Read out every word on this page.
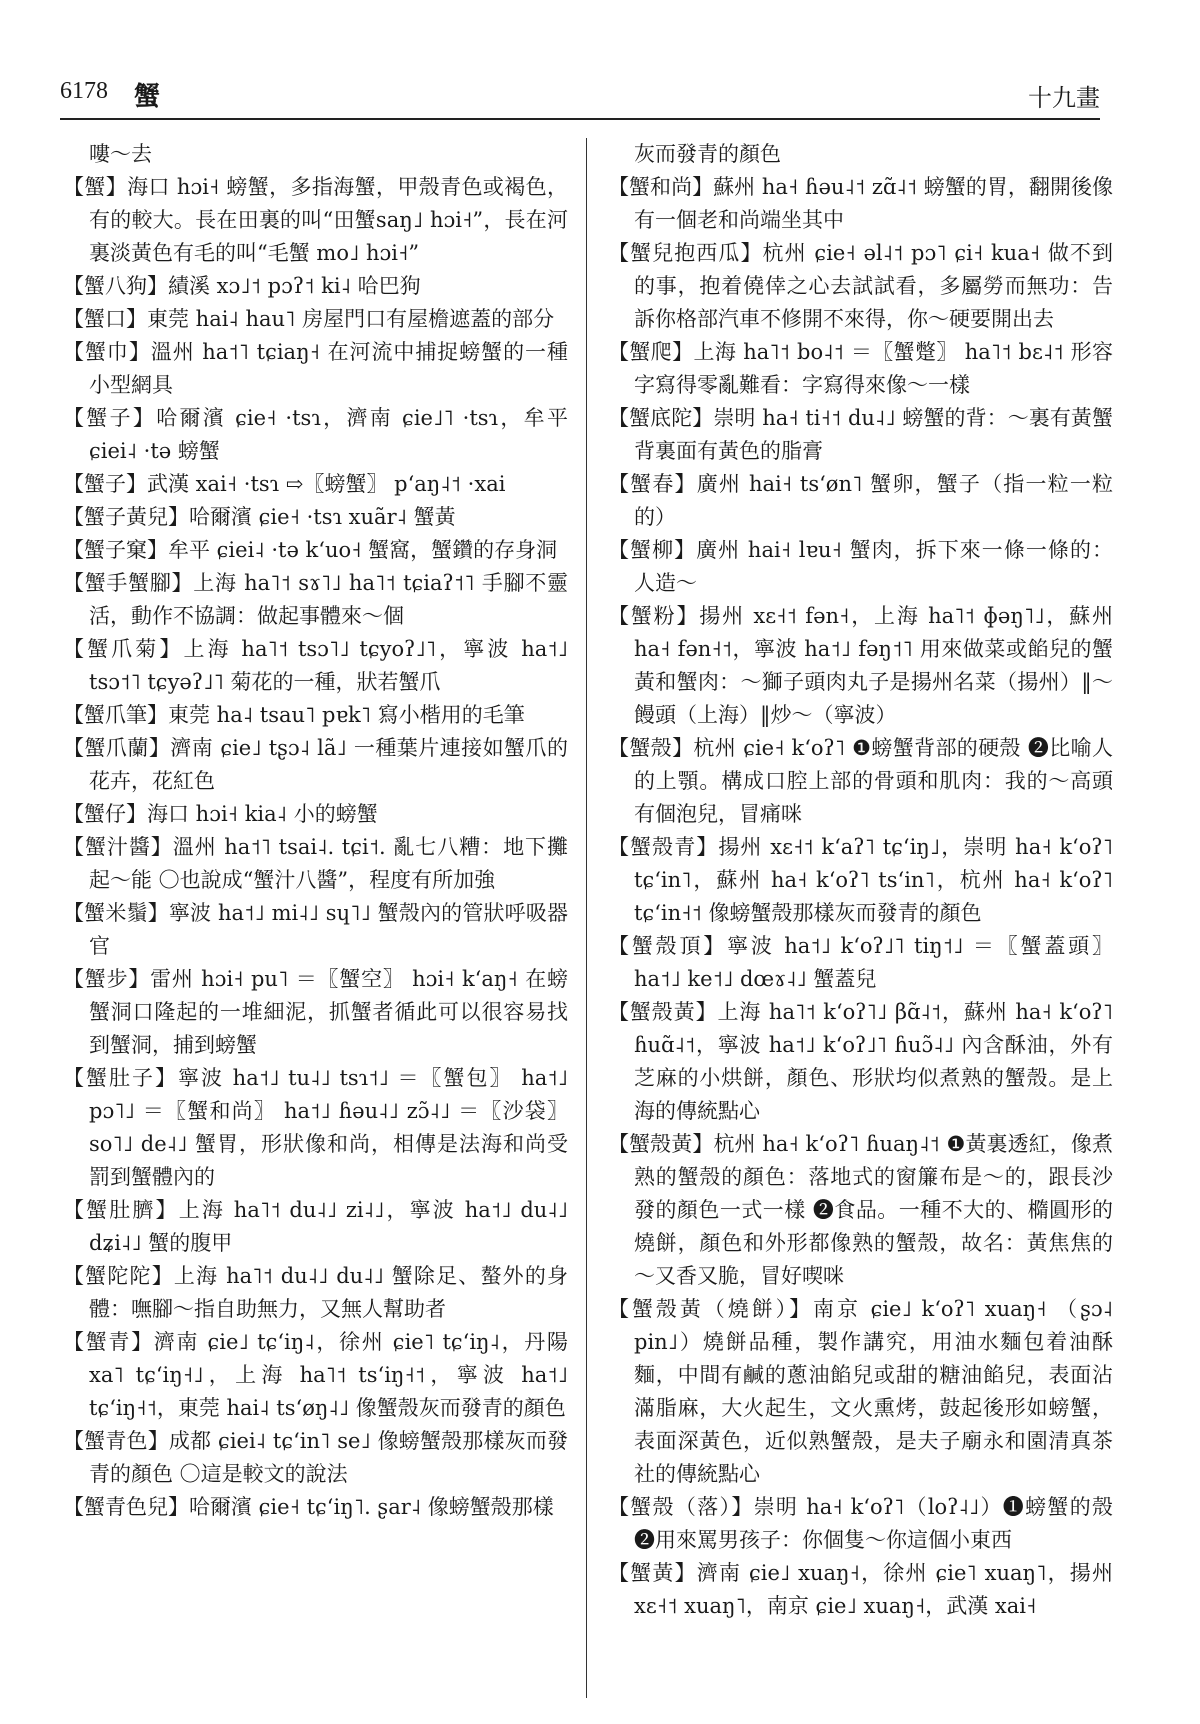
6178 蟹	十九畫

嘍～去

【蟹】海口 hɔi˧ 螃蟹，多指海蟹，甲殼青色或褐色，有的較大。長在田裏的叫“田蟹saŋ˩ hɔi˧”，長在河裏淡黃色有毛的叫“毛蟹 mo˩ hɔi˧”

【蟹八狗】績溪 xɔ˩˦ pɔʔ˦ ki˨ 哈巴狗

【蟹口】東莞 hai˨ hau˥ 房屋門口有屋檐遮蓋的部分

【蟹巾】溫州 ha˦˥ tɕiaŋ˧ 在河流中捕捉螃蟹的一種小型網具

【蟹子】哈爾濱 ɕie˧ ·tsɿ，濟南 ɕie˩˥ ·tsɿ，牟平 ɕiei˨ ·tə 螃蟹

【蟹子】武漢 xai˧ ·tsɿ ⇨〖螃蟹〗 pʻaŋ˨˦ ·xai

【蟹子黃兒】哈爾濱 ɕie˧ ·tsɿ xuãr˨ 蟹黃

【蟹子窠】牟平 ɕiei˨ ·tə kʻuo˧ 蟹窩，蟹鑽的存身洞

【蟹手蟹腳】上海 ha˥˦ sɤ˥˩ ha˥˦ tɕiaʔ˦˥ 手腳不靈活，動作不協調：做起事體來～個

【蟹爪菊】上海 ha˥˦ tsɔ˥˩ tɕyoʔ˩˥，寧波 ha˦˩ tsɔ˦˥ tɕyəʔ˩˥ 菊花的一種，狀若蟹爪

【蟹爪筆】東莞 ha˨ tsau˥ pɐk˥ 寫小楷用的毛筆

【蟹爪蘭】濟南 ɕie˩ tʂɔ˨ lã˩ 一種葉片連接如蟹爪的花卉，花紅色

【蟹仔】海口 hɔi˧ kia˨ 小的螃蟹

【蟹汁醬】溫州 ha˦˥ tsai˨. tɕi˦. 亂七八糟：地下攤起～能 〇也說成“蟹汁八醬”，程度有所加強

【蟹米鬚】寧波 ha˦˩ mi˨˩ sɥ˥˩ 蟹殼內的管狀呼吸器官

【蟹步】雷州 hɔi˧ pu˥ ＝〖蟹空〗 hɔi˧ kʻaŋ˧ 在螃蟹洞口隆起的一堆細泥，抓蟹者循此可以很容易找到蟹洞，捕到螃蟹

【蟹肚子】寧波 ha˦˩ tu˨˩ tsɿ˦˩ ＝〖蟹包〗 ha˦˩ pɔ˥˩ ＝〖蟹和尚〗 ha˦˩ ɦəu˨˩ zɔ̃˨˩ ＝〖沙袋〗 so˥˩ de˨˩ 蟹胃，形狀像和尚，相傳是法海和尚受罰到蟹體內的

【蟹肚臍】上海 ha˥˦ du˨˩ zi˨˩，寧波 ha˦˩ du˨˩ dʑi˨˩ 蟹的腹甲

【蟹陀陀】上海 ha˥˦ du˨˩ du˨˩ 蟹除足、螯外的身體：嘸腳～指自助無力，又無人幫助者

【蟹青】濟南 ɕie˩ tɕʻiŋ˨，徐州 ɕie˥ tɕʻiŋ˨，丹陽 xa˥ tɕʻiŋ˧˩，上海 ha˥˦ tsʻiŋ˧˦，寧波 ha˦˩ tɕʻiŋ˧˦，東莞 hai˨ tsʻøŋ˨˩ 像蟹殼灰而發青的顏色

【蟹青色】成都 ɕiei˨ tɕʻin˥ se˩ 像螃蟹殼那樣灰而發青的顏色 〇這是較文的說法

【蟹青色兒】哈爾濱 ɕie˧ tɕʻiŋ˥. ʂar˨ 像螃蟹殼那樣

灰而發青的顏色

【蟹和尚】蘇州 ha˧ ɦəu˨˦ zɑ̃˨˦ 螃蟹的胃，翻開後像有一個老和尚端坐其中

【蟹兒抱西瓜】杭州 ɕie˧ əl˨˦ pɔ˥ ɕi˧ kua˧ 做不到的事，抱着僥倖之心去試試看，多屬勞而無功：告訴你格部汽車不修開不來得，你～硬要開出去

【蟹爬】上海 ha˥˦ bo˨˦ ＝〖蟹蹩〗 ha˥˦ bɛ˨˦ 形容字寫得零亂難看：字寫得來像～一樣

【蟹底陀】崇明 ha˧ ti˧˦ du˨˩ 螃蟹的背：～裏有黃蟹背裏面有黃色的脂膏

【蟹春】廣州 hai˧ tsʻøn˥ 蟹卵，蟹子（指一粒一粒的）

【蟹柳】廣州 hai˧ lɐu˧ 蟹肉，拆下來一條一條的：人造～

【蟹粉】揚州 xɛ˧˦ fən˧，上海 ha˥˦ ɸəŋ˥˩，蘇州 ha˧ fən˧˦，寧波 ha˦˩ fəŋ˦˥ 用來做菜或餡兒的蟹黃和蟹肉：～獅子頭肉丸子是揚州名菜（揚州）‖～饅頭（上海）‖炒～（寧波）

【蟹殼】杭州 ɕie˧ kʻoʔ˥ ❶螃蟹背部的硬殼 ❷比喻人的上顎。構成口腔上部的骨頭和肌肉：我的～高頭有個泡兒，冒痛咪

【蟹殼青】揚州 xɛ˧˦ kʻaʔ˥ tɕʻiŋ˩，崇明 ha˧ kʻoʔ˥ tɕʻin˥，蘇州 ha˧ kʻoʔ˥ tsʻin˥，杭州 ha˧ kʻoʔ˥ tɕʻin˧˦ 像螃蟹殼那樣灰而發青的顏色

【蟹殼頂】寧波 ha˦˩ kʻoʔ˩˥ tiŋ˦˩ ＝〖蟹蓋頭〗 ha˦˩ ke˦˩ dœɤ˨˩ 蟹蓋兒

【蟹殼黃】上海 ha˥˦ kʻoʔ˥˩ βɑ̃˨˦，蘇州 ha˧ kʻoʔ˥ ɦuɑ̃˨˦，寧波 ha˦˩ kʻoʔ˩˥ ɦuɔ̃˨˩ 內含酥油，外有芝麻的小烘餅，顏色、形狀均似煮熟的蟹殼。是上海的傳統點心

【蟹殼黃】杭州 ha˧ kʻoʔ˥ ɦuaŋ˨˦ ❶黃裏透紅，像煮熟的蟹殼的顏色：落地式的窗簾布是～的，跟長沙發的顏色一式一樣 ❷食品。一種不大的、橢圓形的燒餅，顏色和外形都像熟的蟹殼，故名：黃焦焦的～又香又脆，冒好喫咪

【蟹殼黃（燒餅）】南京 ɕie˩ kʻoʔ˥ xuaŋ˧ （ʂɔ˨ pin˩）燒餅品種，製作講究，用油水麵包着油酥麵，中間有鹹的蔥油餡兒或甜的糖油餡兒，表面沾滿脂麻，大火起生，文火熏烤，鼓起後形如螃蟹，表面深黃色，近似熟蟹殼，是夫子廟永和園清真茶社的傳統點心

【蟹殼（落）】崇明 ha˧ kʻoʔ˥（loʔ˨˩）❶螃蟹的殼 ❷用來罵男孩子：你個隻～你這個小東西

【蟹黃】濟南 ɕie˩ xuaŋ˧，徐州 ɕie˥ xuaŋ˥，揚州 xɛ˧˦ xuaŋ˥，南京 ɕie˩ xuaŋ˧，武漢 xai˧
